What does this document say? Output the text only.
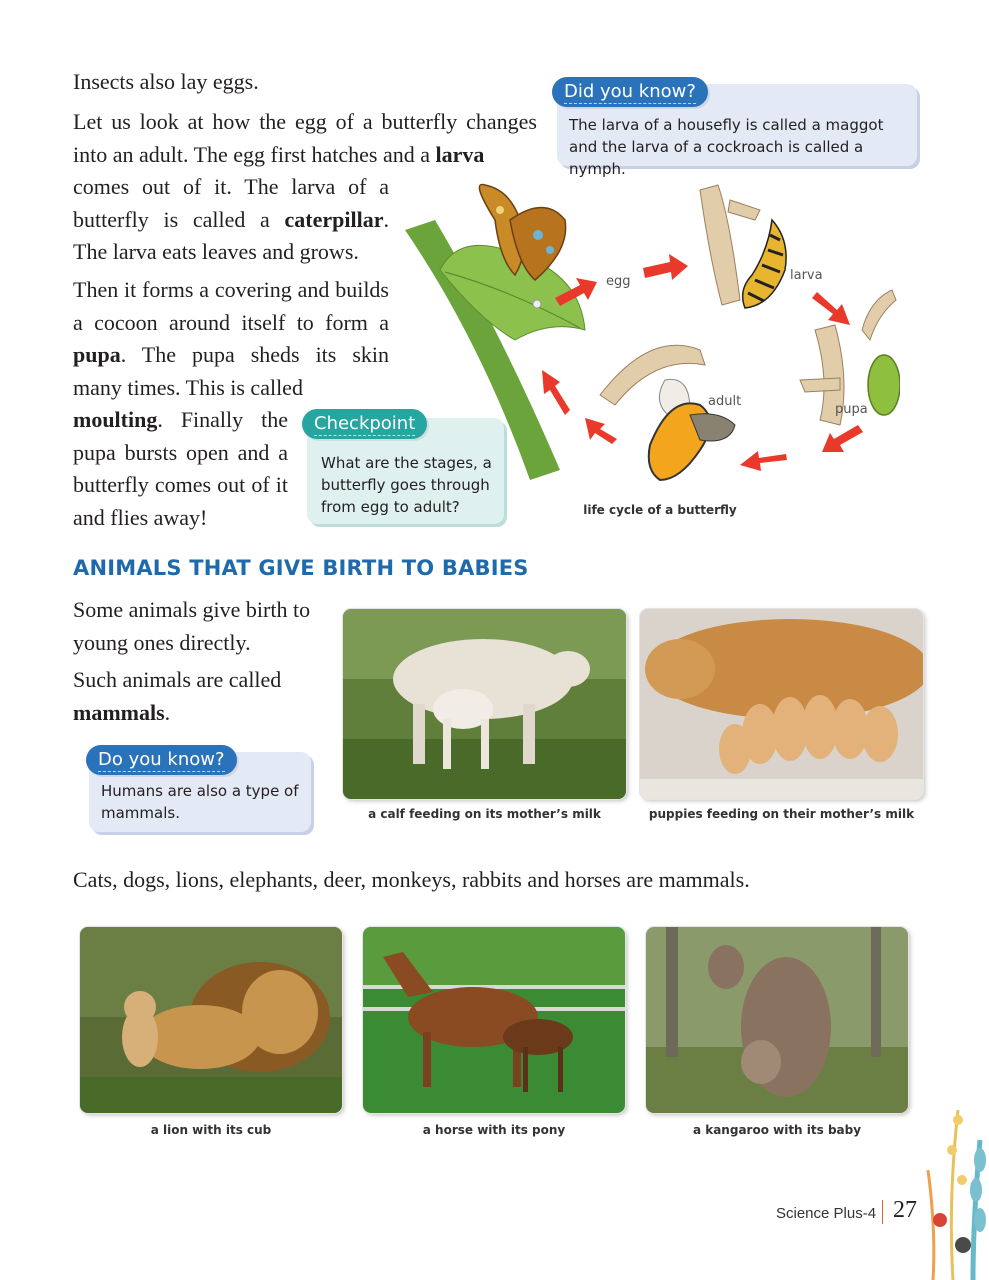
Insects also lay eggs.

Let us look at how the egg of a butterfly changes into an adult. The egg first hatches and a larva

comes out of it. The larva of a butterfly is called a caterpillar. The larva eats leaves and grows.
Then it forms a covering and builds a cocoon around itself to form a pupa. The pupa sheds its skin many times. This is called
moulting. Finally the pupa bursts open and a butterfly comes out of it and flies away!
The larva of a housefly is called a maggot and the larva of a cockroach is called a nymph.
Did you know?
What are the stages, a butterfly goes through from egg to adult?
Checkpoint
egg	larva
pupa
adult
life cycle of a butterfly
ANIMALS THAT GIVE BIRTH TO BABIES
Some animals give birth to young ones directly.
Such animals are called mammals.
Humans are also a type of mammals.
Do you know?
a calf feeding on its mother’s milk	puppies feeding on their mother’s milk
Cats, dogs, lions, elephants, deer, monkeys, rabbits and horses are mammals.
a lion with its cub	a horse with its pony	a kangaroo with its baby
Science Plus-4 27
